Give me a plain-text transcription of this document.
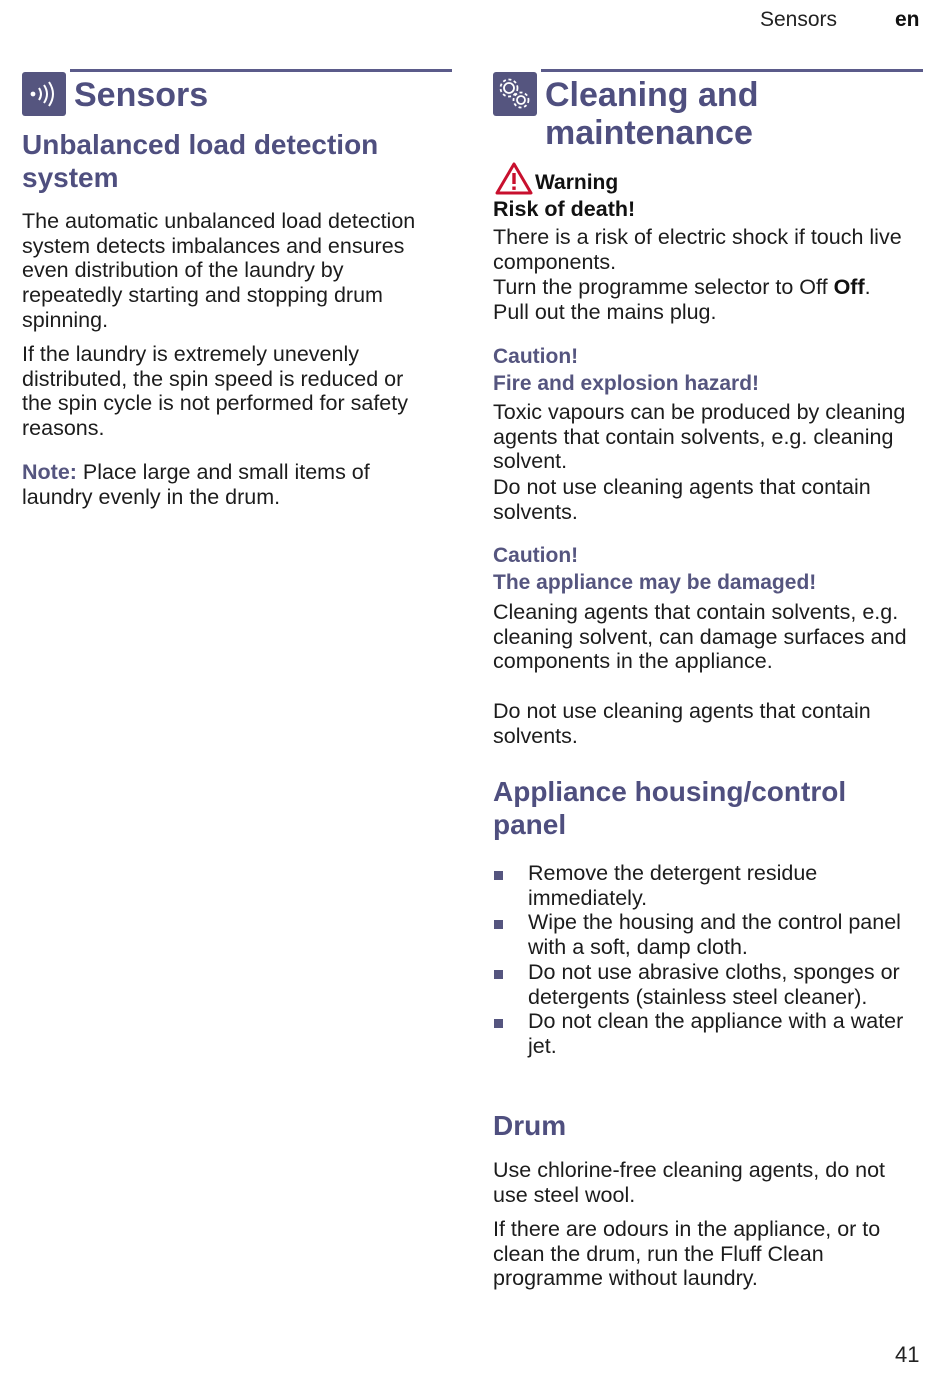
Sensors	en
Sensors
Unbalanced load detection system

The automatic unbalanced load detection system detects imbalances and ensures even distribution of the laundry by repeatedly starting and stopping drum spinning.

If the laundry is extremely unevenly distributed, the spin speed is reduced or the spin cycle is not performed for safety reasons.

Note: Place large and small items of laundry evenly in the drum.

Cleaning and maintenance
Warning
Risk of death!

There is a risk of electric shock if touch live components.

Turn the programme selector to Off Off.

Pull out the mains plug.

Caution!
Fire and explosion hazard!

Toxic vapours can be produced by cleaning agents that contain solvents, e.g. cleaning solvent.

Do not use cleaning agents that contain solvents.

Caution!
The appliance may be damaged!

Cleaning agents that contain solvents, e.g. cleaning solvent, can damage surfaces and components in the appliance.

Do not use cleaning agents that contain solvents.

Appliance housing/control panel
Remove the detergent residue immediately.
Wipe the housing and the control panel with a soft, damp cloth.
Do not use abrasive cloths, sponges or detergents (stainless steel cleaner).
Do not clean the appliance with a water jet.
Drum

Use chlorine-free cleaning agents, do not use steel wool.

If there are odours in the appliance, or to clean the drum, run the Fluff Clean programme without laundry.

41
